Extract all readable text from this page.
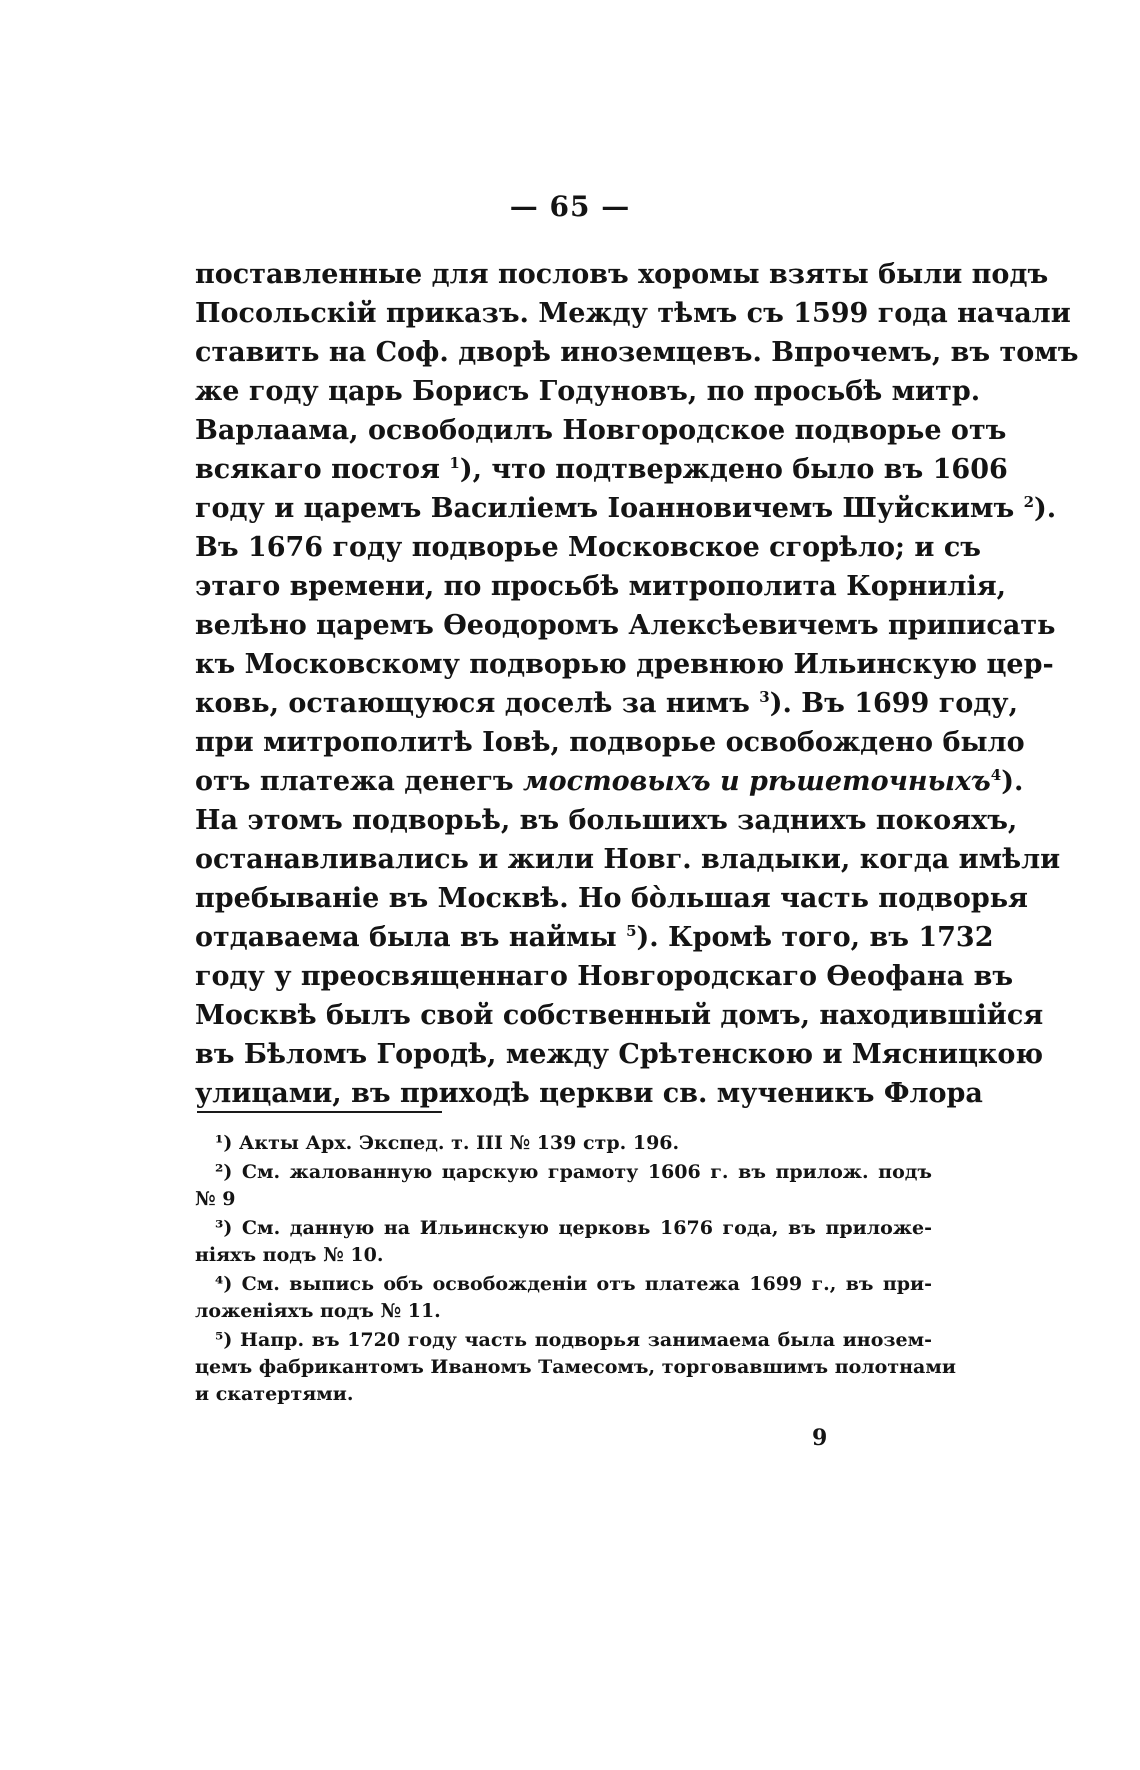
— 65 —
поставленные для пословъ хоромы взяты были подъ
Посольскій приказъ. Между тѣмъ съ 1599 года начали
ставить на Соф. дворѣ иноземцевъ. Впрочемъ, въ томъ
же году царь Борисъ Годуновъ, по просьбѣ митр.
Варлаама, освободилъ Новгородское подворье отъ
всякаго постоя $^1$), что подтверждено было въ 1606
году и царемъ Василіемъ Іоанновичемъ Шуйскимъ $^2$).
Въ 1676 году подворье Московское сгорѣло; и съ
этаго времени, по просьбѣ митрополита Корнилія,
велѣно царемъ Ѳеодоромъ Алексѣевичемъ приписать
къ Московскому подворью древнюю Ильинскую цер-
ковь, остающуюся доселѣ за нимъ $^3$). Въ 1699 году,
при митрополитѣ Іовѣ, подворье освобождено было
отъ платежа денегъ мостовыхъ и рѣшеточныхъ$^4$).
На этомъ подворьѣ, въ большихъ заднихъ покояхъ,
останавливались и жили Новг. владыки, когда имѣли
пребываніе въ Москвѣ. Но бо̀льшая часть подворья
отдаваема была въ наймы $^5$). Кромѣ того, въ 1732
году у преосвященнаго Новгородскаго Ѳеофана въ
Москвѣ былъ свой собственный домъ, находившійся
въ Бѣломъ Городѣ, между Срѣтенскою и Мясницкою
улицами, въ приходѣ церкви св. мученикъ Флора
¹) Акты Арх. Экспед. т. III № 139 стр. 196.
²) См. жалованную царскую грамоту 1606 г. въ прилож. подъ
№ 9
³) См. данную на Ильинскую церковь 1676 года, въ приложе-
ніяхъ подъ № 10.
⁴) См. выпись объ освобожденіи отъ платежа 1699 г., въ при-
ложеніяхъ подъ № 11.
⁵) Напр. въ 1720 году часть подворья занимаема была инозем-
цемъ фабрикантомъ Иваномъ Тамесомъ, торговавшимъ полотнами
и скатертями.
9
